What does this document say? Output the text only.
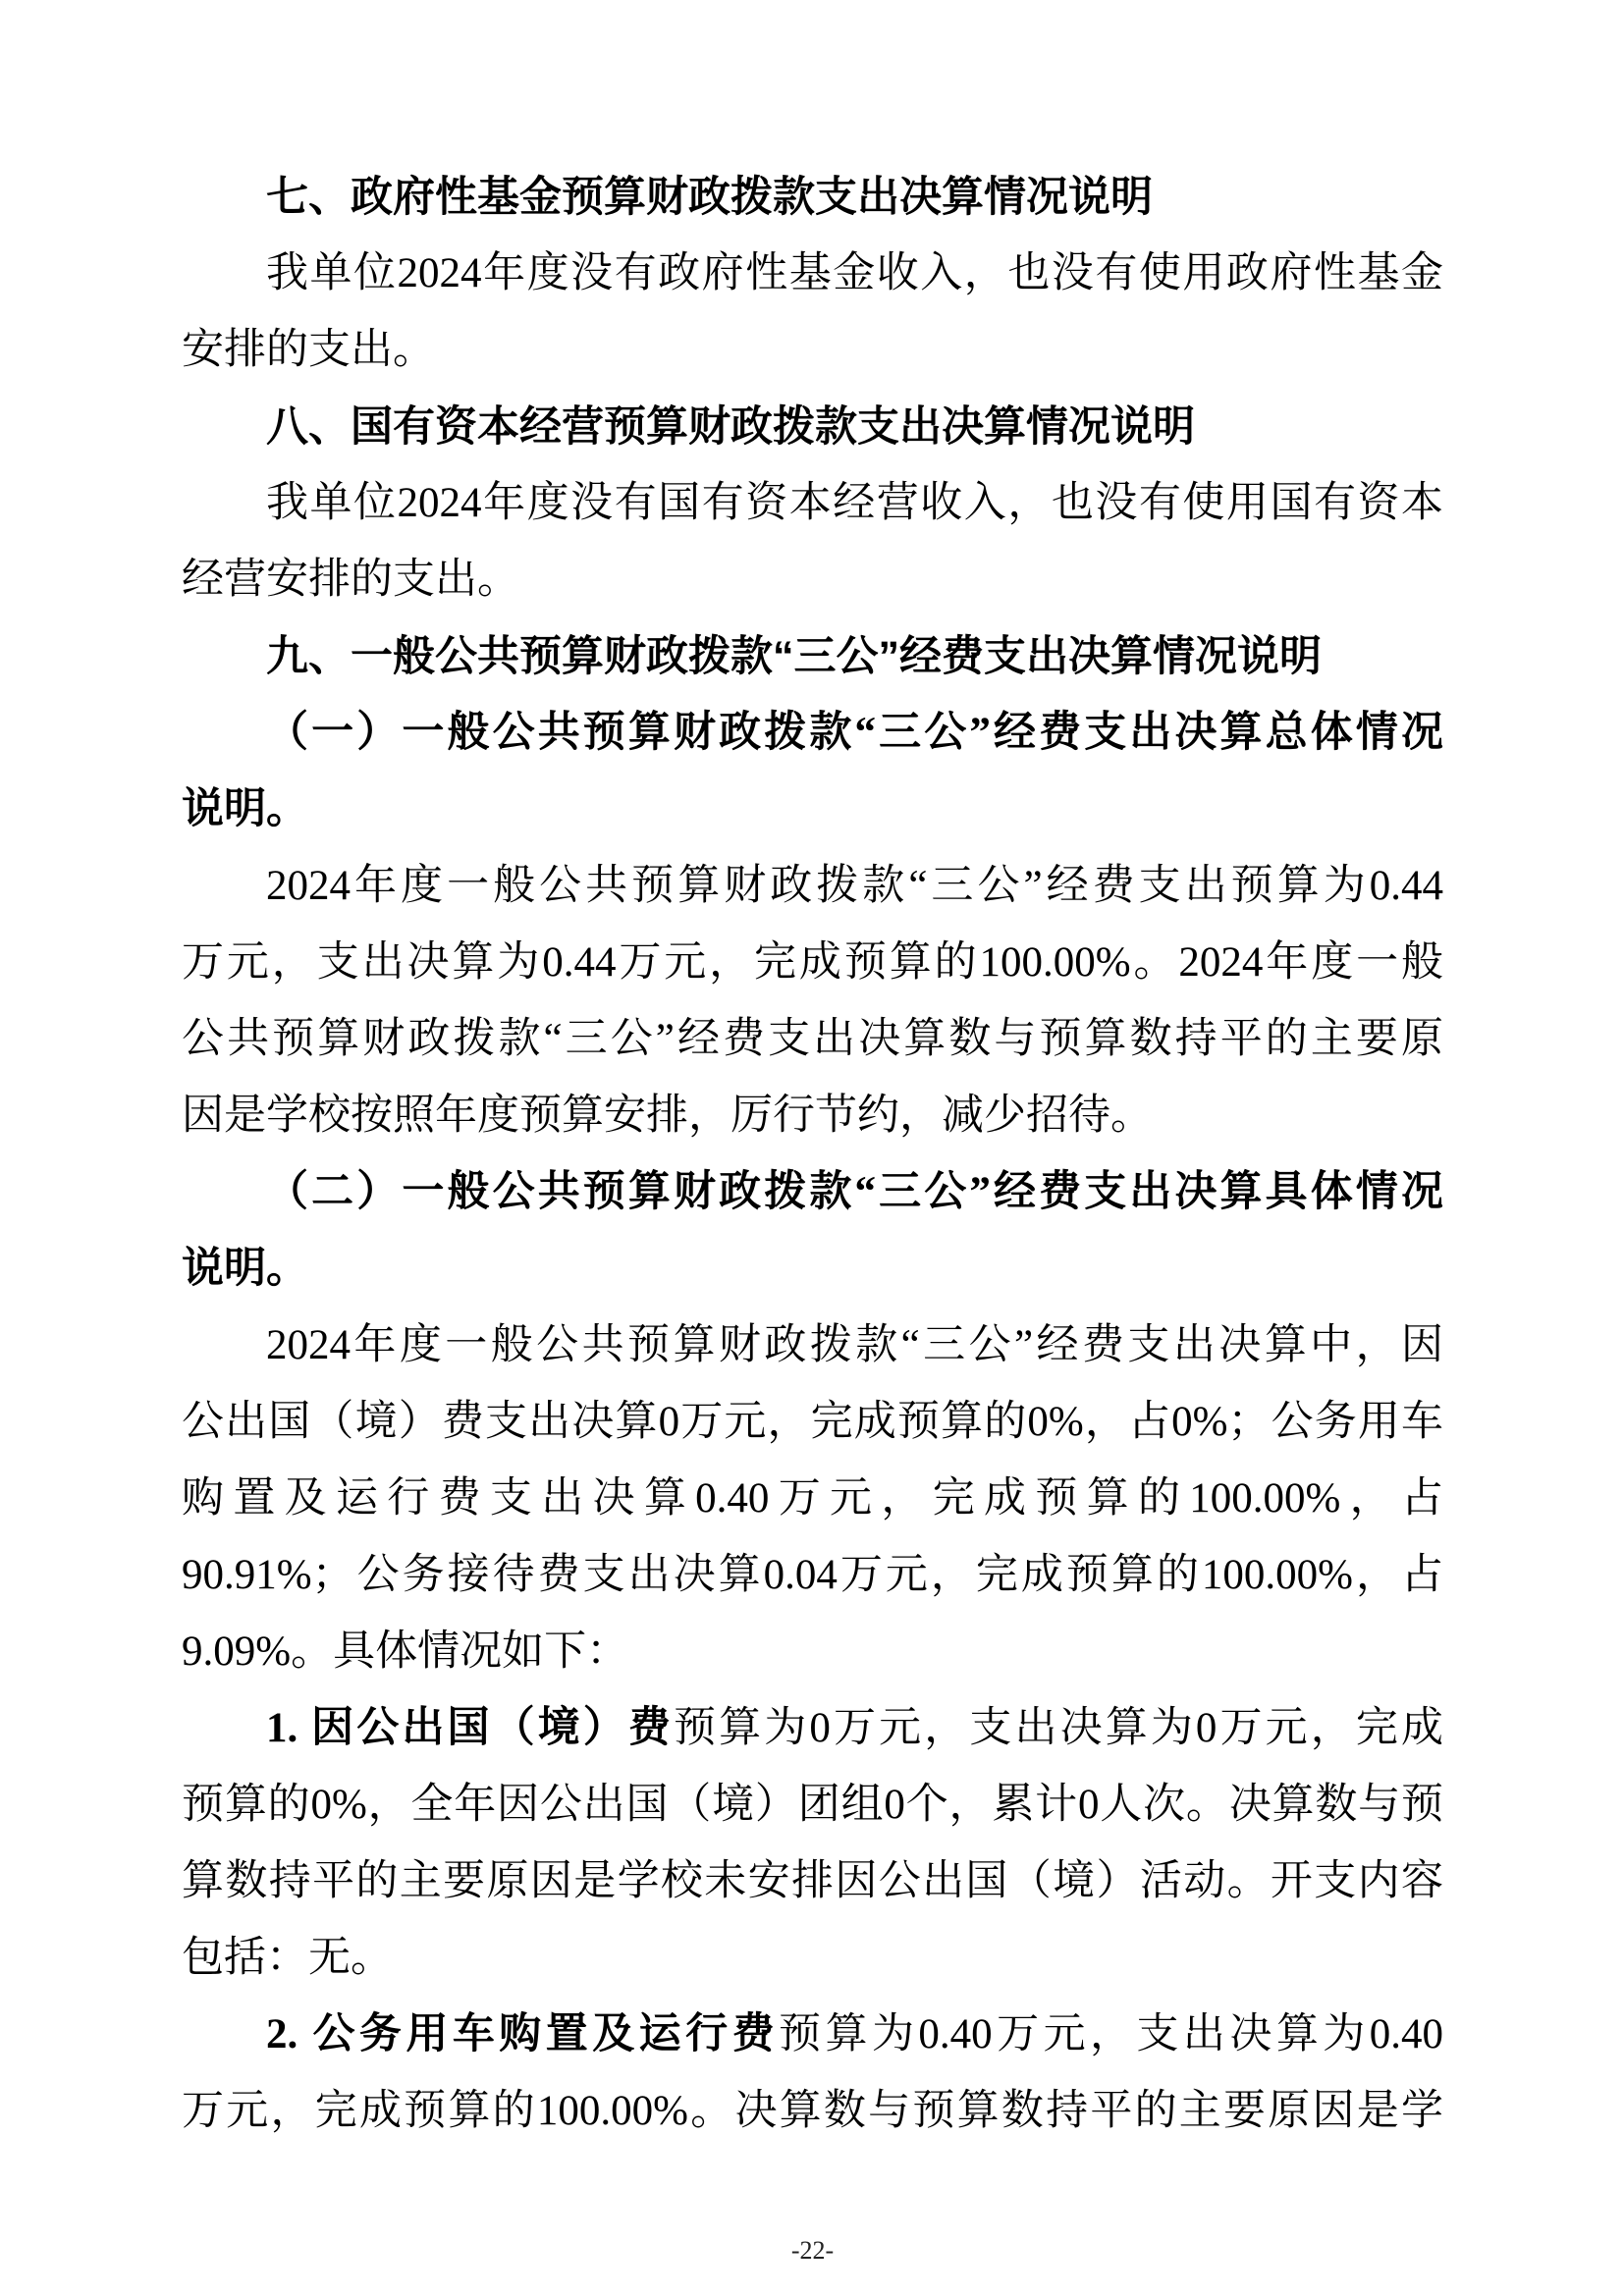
七、政府性基金预算财政拨款支出决算情况说明
我单位2024年度没有政府性基金收入，也没有使用政府性基金
安排的支出。
八、国有资本经营预算财政拨款支出决算情况说明
我单位2024年度没有国有资本经营收入，也没有使用国有资本
经营安排的支出。
九、一般公共预算财政拨款“三公”经费支出决算情况说明
（一）一般公共预算财政拨款“三公”经费支出决算总体情况
说明。
2024年度一般公共预算财政拨款“三公”经费支出预算为0.44
万元，支出决算为0.44万元，完成预算的100.00%。2024年度一般
公共预算财政拨款“三公”经费支出决算数与预算数持平的主要原
因是学校按照年度预算安排，厉行节约，减少招待。
（二）一般公共预算财政拨款“三公”经费支出决算具体情况
说明。
2024年度一般公共预算财政拨款“三公”经费支出决算中，因
公出国（境）费支出决算0万元，完成预算的0%，占0%；公务用车
购置及运行费支出决算0.40万元，完成预算的100.00%，占
90.91%；公务接待费支出决算0.04万元，完成预算的100.00%，占
9.09%。具体情况如下：
1. 因公出国（境）费预算为0万元，支出决算为0万元，完成
预算的0%，全年因公出国（境）团组0个，累计0人次。决算数与预
算数持平的主要原因是学校未安排因公出国（境）活动。开支内容
包括：无。
2. 公务用车购置及运行费预算为0.40万元，支出决算为0.40
万元，完成预算的100.00%。决算数与预算数持平的主要原因是学
-22-
